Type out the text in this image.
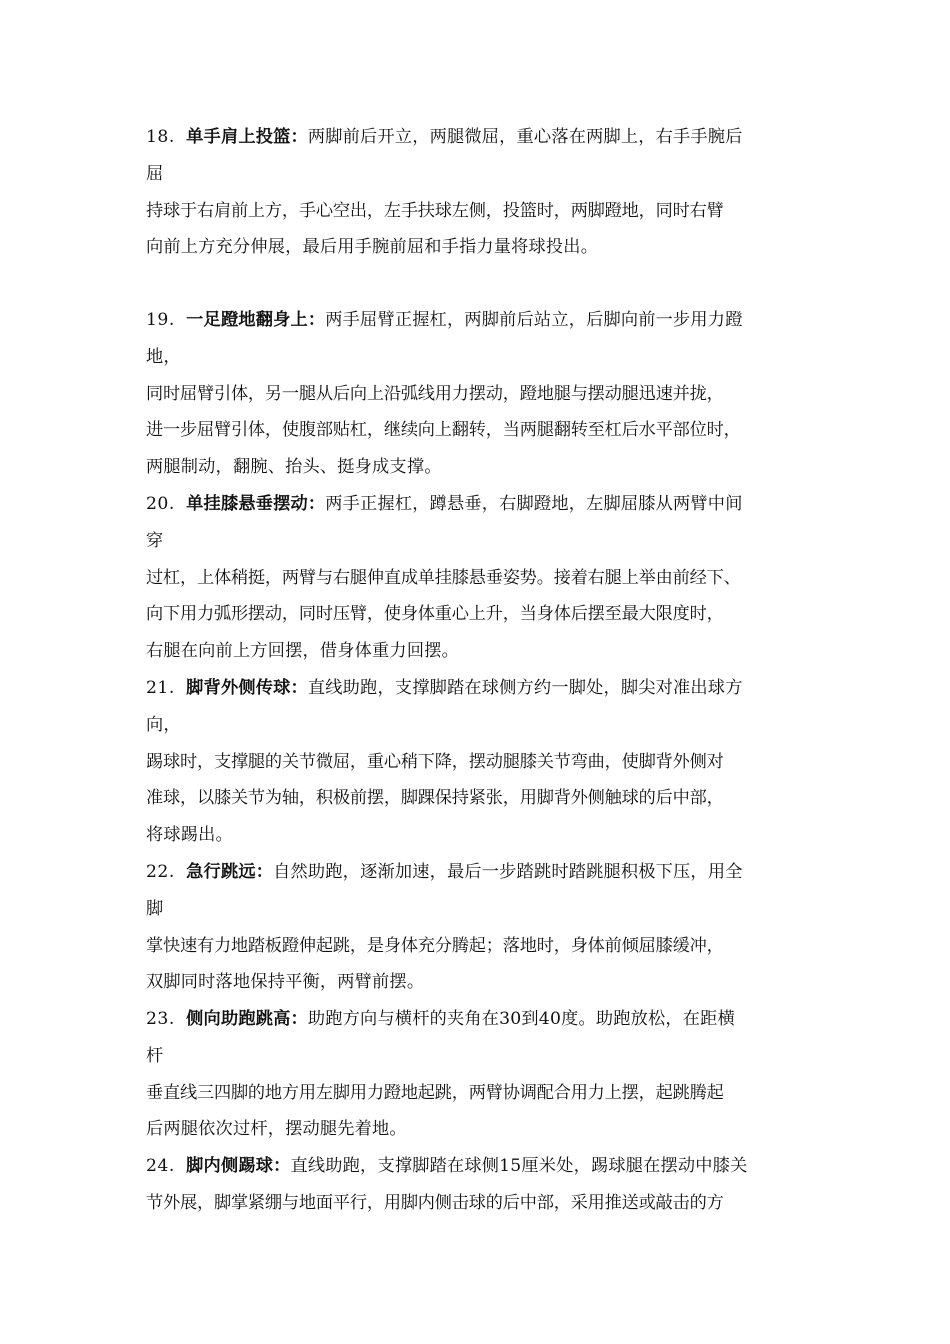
18. 单手肩上投篮：两脚前后开立，两腿微屈，重心落在两脚上，右手手腕后
屈
持球于右肩前上方，手心空出，左手扶球左侧，投篮时，两脚蹬地，同时右臂
向前上方充分伸展，最后用手腕前屈和手指力量将球投出。
19. 一足蹬地翻身上：两手屈臂正握杠，两脚前后站立，后脚向前一步用力蹬
地，
同时屈臂引体，另一腿从后向上沿弧线用力摆动，蹬地腿与摆动腿迅速并拢，
进一步屈臂引体，使腹部贴杠，继续向上翻转，当两腿翻转至杠后水平部位时，
两腿制动，翻腕、抬头、挺身成支撑。
20. 单挂膝悬垂摆动：两手正握杠，蹲悬垂，右脚蹬地，左脚屈膝从两臂中间
穿
过杠，上体稍挺，两臂与右腿伸直成单挂膝悬垂姿势。接着右腿上举由前经下、
向下用力弧形摆动，同时压臂，使身体重心上升，当身体后摆至最大限度时，
右腿在向前上方回摆，借身体重力回摆。
21. 脚背外侧传球：直线助跑，支撑脚踏在球侧方约一脚处，脚尖对准出球方
向，
踢球时，支撑腿的关节微屈，重心稍下降，摆动腿膝关节弯曲，使脚背外侧对
准球，以膝关节为轴，积极前摆，脚踝保持紧张，用脚背外侧触球的后中部，
将球踢出。
22. 急行跳远：自然助跑，逐渐加速，最后一步踏跳时踏跳腿积极下压，用全
脚
掌快速有力地踏板蹬伸起跳，是身体充分腾起；落地时，身体前倾屈膝缓冲，
双脚同时落地保持平衡，两臂前摆。
23. 侧向助跑跳高：助跑方向与横杆的夹角在30到40度。助跑放松，在距横
杆
垂直线三四脚的地方用左脚用力蹬地起跳，两臂协调配合用力上摆，起跳腾起
后两腿依次过杆，摆动腿先着地。
24. 脚内侧踢球：直线助跑，支撑脚踏在球侧15厘米处，踢球腿在摆动中膝关
节外展，脚掌紧绷与地面平行，用脚内侧击球的后中部，采用推送或敲击的方
